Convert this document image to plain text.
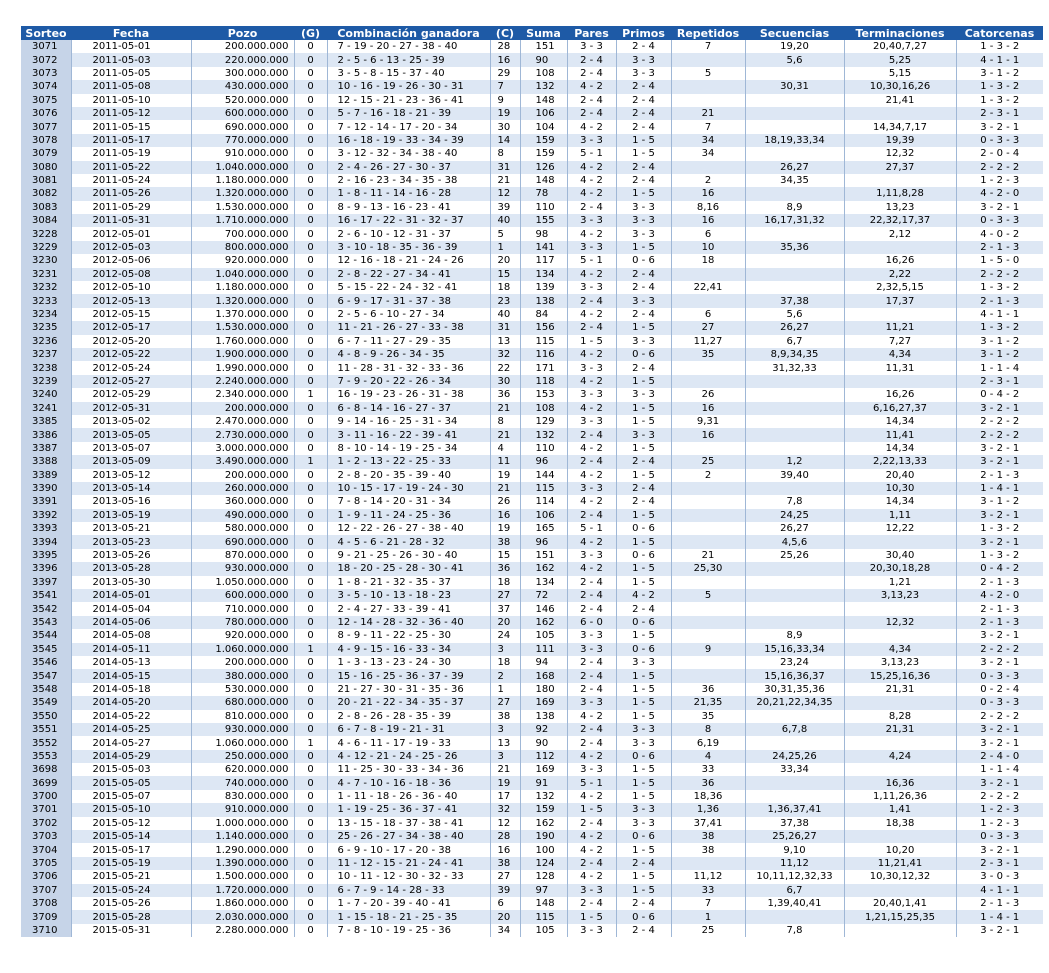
Sorteo	Fecha	Pozo	(G)	Combinación ganadora	(C)	Suma	Pares	Primos	Repetidos	Secuencias	Terminaciones	Catorcenas
3071	2011-05-01	200.000.000	0	7 - 19 - 20 - 27 - 38 - 40	28	151	3 - 3	2 - 4	7	19,20	20,40,7,27	1 - 3 - 2
3072	2011-05-03	220.000.000	0	2 - 5 - 6 - 13 - 25 - 39	16	90	2 - 4	3 - 3		5,6	5,25	4 - 1 - 1
3073	2011-05-05	300.000.000	0	3 - 5 - 8 - 15 - 37 - 40	29	108	2 - 4	3 - 3	5		5,15	3 - 1 - 2
3074	2011-05-08	430.000.000	0	10 - 16 - 19 - 26 - 30 - 31	7	132	4 - 2	2 - 4		30,31	10,30,16,26	1 - 3 - 2
3075	2011-05-10	520.000.000	0	12 - 15 - 21 - 23 - 36 - 41	9	148	2 - 4	2 - 4			21,41	1 - 3 - 2
3076	2011-05-12	600.000.000	0	5 - 7 - 16 - 18 - 21 - 39	19	106	2 - 4	2 - 4	21			2 - 3 - 1
3077	2011-05-15	690.000.000	0	7 - 12 - 14 - 17 - 20 - 34	30	104	4 - 2	2 - 4	7		14,34,7,17	3 - 2 - 1
3078	2011-05-17	770.000.000	0	16 - 18 - 19 - 33 - 34 - 39	14	159	3 - 3	1 - 5	34	18,19,33,34	19,39	0 - 3 - 3
3079	2011-05-19	910.000.000	0	3 - 12 - 32 - 34 - 38 - 40	8	159	5 - 1	1 - 5	34		12,32	2 - 0 - 4
3080	2011-05-22	1.040.000.000	0	2 - 4 - 26 - 27 - 30 - 37	31	126	4 - 2	2 - 4		26,27	27,37	2 - 2 - 2
3081	2011-05-24	1.180.000.000	0	2 - 16 - 23 - 34 - 35 - 38	21	148	4 - 2	2 - 4	2	34,35		1 - 2 - 3
3082	2011-05-26	1.320.000.000	0	1 - 8 - 11 - 14 - 16 - 28	12	78	4 - 2	1 - 5	16		1,11,8,28	4 - 2 - 0
3083	2011-05-29	1.530.000.000	0	8 - 9 - 13 - 16 - 23 - 41	39	110	2 - 4	3 - 3	8,16	8,9	13,23	3 - 2 - 1
3084	2011-05-31	1.710.000.000	0	16 - 17 - 22 - 31 - 32 - 37	40	155	3 - 3	3 - 3	16	16,17,31,32	22,32,17,37	0 - 3 - 3
3228	2012-05-01	700.000.000	0	2 - 6 - 10 - 12 - 31 - 37	5	98	4 - 2	3 - 3	6		2,12	4 - 0 - 2
3229	2012-05-03	800.000.000	0	3 - 10 - 18 - 35 - 36 - 39	1	141	3 - 3	1 - 5	10	35,36		2 - 1 - 3
3230	2012-05-06	920.000.000	0	12 - 16 - 18 - 21 - 24 - 26	20	117	5 - 1	0 - 6	18		16,26	1 - 5 - 0
3231	2012-05-08	1.040.000.000	0	2 - 8 - 22 - 27 - 34 - 41	15	134	4 - 2	2 - 4			2,22	2 - 2 - 2
3232	2012-05-10	1.180.000.000	0	5 - 15 - 22 - 24 - 32 - 41	18	139	3 - 3	2 - 4	22,41		2,32,5,15	1 - 3 - 2
3233	2012-05-13	1.320.000.000	0	6 - 9 - 17 - 31 - 37 - 38	23	138	2 - 4	3 - 3		37,38	17,37	2 - 1 - 3
3234	2012-05-15	1.370.000.000	0	2 - 5 - 6 - 10 - 27 - 34	40	84	4 - 2	2 - 4	6	5,6		4 - 1 - 1
3235	2012-05-17	1.530.000.000	0	11 - 21 - 26 - 27 - 33 - 38	31	156	2 - 4	1 - 5	27	26,27	11,21	1 - 3 - 2
3236	2012-05-20	1.760.000.000	0	6 - 7 - 11 - 27 - 29 - 35	13	115	1 - 5	3 - 3	11,27	6,7	7,27	3 - 1 - 2
3237	2012-05-22	1.900.000.000	0	4 - 8 - 9 - 26 - 34 - 35	32	116	4 - 2	0 - 6	35	8,9,34,35	4,34	3 - 1 - 2
3238	2012-05-24	1.990.000.000	0	11 - 28 - 31 - 32 - 33 - 36	22	171	3 - 3	2 - 4		31,32,33	11,31	1 - 1 - 4
3239	2012-05-27	2.240.000.000	0	7 - 9 - 20 - 22 - 26 - 34	30	118	4 - 2	1 - 5				2 - 3 - 1
3240	2012-05-29	2.340.000.000	1	16 - 19 - 23 - 26 - 31 - 38	36	153	3 - 3	3 - 3	26		16,26	0 - 4 - 2
3241	2012-05-31	200.000.000	0	6 - 8 - 14 - 16 - 27 - 37	21	108	4 - 2	1 - 5	16		6,16,27,37	3 - 2 - 1
3385	2013-05-02	2.470.000.000	0	9 - 14 - 16 - 25 - 31 - 34	8	129	3 - 3	1 - 5	9,31		14,34	2 - 2 - 2
3386	2013-05-05	2.730.000.000	0	3 - 11 - 16 - 22 - 39 - 41	21	132	2 - 4	3 - 3	16		11,41	2 - 2 - 2
3387	2013-05-07	3.000.000.000	0	8 - 10 - 14 - 19 - 25 - 34	4	110	4 - 2	1 - 5			14,34	3 - 2 - 1
3388	2013-05-09	3.490.000.000	1	1 - 2 - 13 - 22 - 25 - 33	11	96	2 - 4	2 - 4	25	1,2	2,22,13,33	3 - 2 - 1
3389	2013-05-12	200.000.000	0	2 - 8 - 20 - 35 - 39 - 40	19	144	4 - 2	1 - 5	2	39,40	20,40	2 - 1 - 3
3390	2013-05-14	260.000.000	0	10 - 15 - 17 - 19 - 24 - 30	21	115	3 - 3	2 - 4			10,30	1 - 4 - 1
3391	2013-05-16	360.000.000	0	7 - 8 - 14 - 20 - 31 - 34	26	114	4 - 2	2 - 4		7,8	14,34	3 - 1 - 2
3392	2013-05-19	490.000.000	0	1 - 9 - 11 - 24 - 25 - 36	16	106	2 - 4	1 - 5		24,25	1,11	3 - 2 - 1
3393	2013-05-21	580.000.000	0	12 - 22 - 26 - 27 - 38 - 40	19	165	5 - 1	0 - 6		26,27	12,22	1 - 3 - 2
3394	2013-05-23	690.000.000	0	4 - 5 - 6 - 21 - 28 - 32	38	96	4 - 2	1 - 5		4,5,6		3 - 2 - 1
3395	2013-05-26	870.000.000	0	9 - 21 - 25 - 26 - 30 - 40	15	151	3 - 3	0 - 6	21	25,26	30,40	1 - 3 - 2
3396	2013-05-28	930.000.000	0	18 - 20 - 25 - 28 - 30 - 41	36	162	4 - 2	1 - 5	25,30		20,30,18,28	0 - 4 - 2
3397	2013-05-30	1.050.000.000	0	1 - 8 - 21 - 32 - 35 - 37	18	134	2 - 4	1 - 5			1,21	2 - 1 - 3
3541	2014-05-01	600.000.000	0	3 - 5 - 10 - 13 - 18 - 23	27	72	2 - 4	4 - 2	5		3,13,23	4 - 2 - 0
3542	2014-05-04	710.000.000	0	2 - 4 - 27 - 33 - 39 - 41	37	146	2 - 4	2 - 4				2 - 1 - 3
3543	2014-05-06	780.000.000	0	12 - 14 - 28 - 32 - 36 - 40	20	162	6 - 0	0 - 6			12,32	2 - 1 - 3
3544	2014-05-08	920.000.000	0	8 - 9 - 11 - 22 - 25 - 30	24	105	3 - 3	1 - 5		8,9		3 - 2 - 1
3545	2014-05-11	1.060.000.000	1	4 - 9 - 15 - 16 - 33 - 34	3	111	3 - 3	0 - 6	9	15,16,33,34	4,34	2 - 2 - 2
3546	2014-05-13	200.000.000	0	1 - 3 - 13 - 23 - 24 - 30	18	94	2 - 4	3 - 3		23,24	3,13,23	3 - 2 - 1
3547	2014-05-15	380.000.000	0	15 - 16 - 25 - 36 - 37 - 39	2	168	2 - 4	1 - 5		15,16,36,37	15,25,16,36	0 - 3 - 3
3548	2014-05-18	530.000.000	0	21 - 27 - 30 - 31 - 35 - 36	1	180	2 - 4	1 - 5	36	30,31,35,36	21,31	0 - 2 - 4
3549	2014-05-20	680.000.000	0	20 - 21 - 22 - 34 - 35 - 37	27	169	3 - 3	1 - 5	21,35	20,21,22,34,35		0 - 3 - 3
3550	2014-05-22	810.000.000	0	2 - 8 - 26 - 28 - 35 - 39	38	138	4 - 2	1 - 5	35		8,28	2 - 2 - 2
3551	2014-05-25	930.000.000	0	6 - 7 - 8 - 19 - 21 - 31	3	92	2 - 4	3 - 3	8	6,7,8	21,31	3 - 2 - 1
3552	2014-05-27	1.060.000.000	1	4 - 6 - 11 - 17 - 19 - 33	13	90	2 - 4	3 - 3	6,19			3 - 2 - 1
3553	2014-05-29	250.000.000	0	4 - 12 - 21 - 24 - 25 - 26	3	112	4 - 2	0 - 6	4	24,25,26	4,24	2 - 4 - 0
3698	2015-05-03	620.000.000	0	11 - 25 - 30 - 33 - 34 - 36	21	169	3 - 3	1 - 5	33	33,34		1 - 1 - 4
3699	2015-05-05	740.000.000	0	4 - 7 - 10 - 16 - 18 - 36	19	91	5 - 1	1 - 5	36		16,36	3 - 2 - 1
3700	2015-05-07	830.000.000	0	1 - 11 - 18 - 26 - 36 - 40	17	132	4 - 2	1 - 5	18,36		1,11,26,36	2 - 2 - 2
3701	2015-05-10	910.000.000	0	1 - 19 - 25 - 36 - 37 - 41	32	159	1 - 5	3 - 3	1,36	1,36,37,41	1,41	1 - 2 - 3
3702	2015-05-12	1.000.000.000	0	13 - 15 - 18 - 37 - 38 - 41	12	162	2 - 4	3 - 3	37,41	37,38	18,38	1 - 2 - 3
3703	2015-05-14	1.140.000.000	0	25 - 26 - 27 - 34 - 38 - 40	28	190	4 - 2	0 - 6	38	25,26,27		0 - 3 - 3
3704	2015-05-17	1.290.000.000	0	6 - 9 - 10 - 17 - 20 - 38	16	100	4 - 2	1 - 5	38	9,10	10,20	3 - 2 - 1
3705	2015-05-19	1.390.000.000	0	11 - 12 - 15 - 21 - 24 - 41	38	124	2 - 4	2 - 4		11,12	11,21,41	2 - 3 - 1
3706	2015-05-21	1.500.000.000	0	10 - 11 - 12 - 30 - 32 - 33	27	128	4 - 2	1 - 5	11,12	10,11,12,32,33	10,30,12,32	3 - 0 - 3
3707	2015-05-24	1.720.000.000	0	6 - 7 - 9 - 14 - 28 - 33	39	97	3 - 3	1 - 5	33	6,7		4 - 1 - 1
3708	2015-05-26	1.860.000.000	0	1 - 7 - 20 - 39 - 40 - 41	6	148	2 - 4	2 - 4	7	1,39,40,41	20,40,1,41	2 - 1 - 3
3709	2015-05-28	2.030.000.000	0	1 - 15 - 18 - 21 - 25 - 35	20	115	1 - 5	0 - 6	1		1,21,15,25,35	1 - 4 - 1
3710	2015-05-31	2.280.000.000	0	7 - 8 - 10 - 19 - 25 - 36	34	105	3 - 3	2 - 4	25	7,8		3 - 2 - 1
